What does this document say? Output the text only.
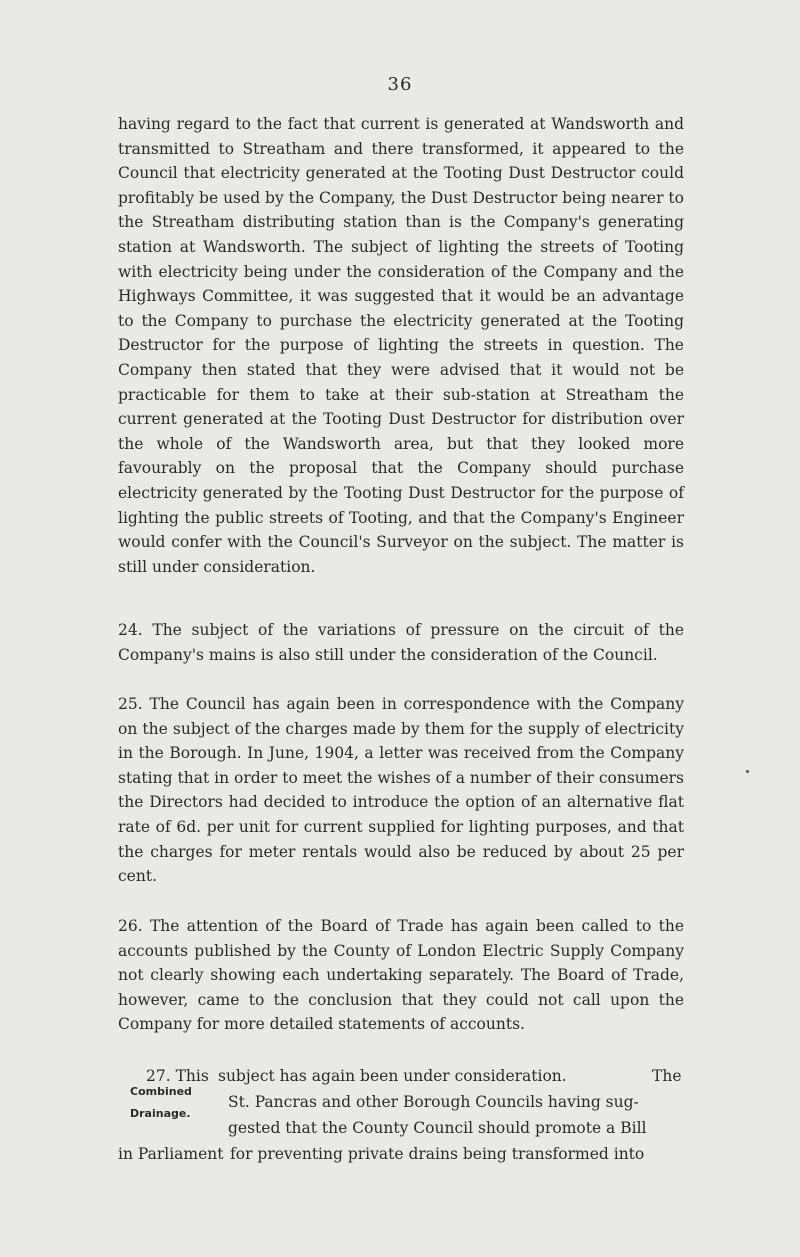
36

having regard to the fact that current is generated at Wandsworth and transmitted to Streatham and there transformed, it appeared to the Council that electricity generated at the Tooting Dust Destructor could profitably be used by the Company, the Dust Destructor being nearer to the Streatham distributing station than is the Company's generating station at Wandsworth. The subject of lighting the streets of Tooting with electricity being under the consideration of the Company and the Highways Committee, it was suggested that it would be an advantage to the Company to purchase the electricity generated at the Tooting Destructor for the purpose of lighting the streets in question. The Company then stated that they were advised that it would not be practicable for them to take at their sub-station at Streatham the current generated at the Tooting Dust Destructor for distribution over the whole of the Wandsworth area, but that they looked more favourably on the proposal that the Company should purchase electricity generated by the Tooting Dust Destructor for the purpose of lighting the public streets of Tooting, and that the Company's Engineer would confer with the Council's Surveyor on the subject. The matter is still under consideration.

24. The subject of the variations of pressure on the circuit of the Company's mains is also still under the consideration of the Council.

25. The Council has again been in correspondence with the Company on the subject of the charges made by them for the supply of electricity in the Borough. In June, 1904, a letter was received from the Company stating that in order to meet the wishes of a number of their consumers the Directors had decided to introduce the option of an alternative flat rate of 6d. per unit for current supplied for lighting purposes, and that the charges for meter rentals would also be reduced by about 25 per cent.

26. The attention of the Board of Trade has again been called to the accounts published by the County of London Electric Supply Company not clearly showing each undertaking separately. The Board of Trade, however, came to the conclusion that they could not call upon the Company for more detailed statements of accounts.

27. This subject has again been under consideration.	The
St. Pancras and other Borough Councils having sug-
gested that the County Council should promote a Bill
in Parliament for preventing private drains being transformed into
Combined
Drainage.
